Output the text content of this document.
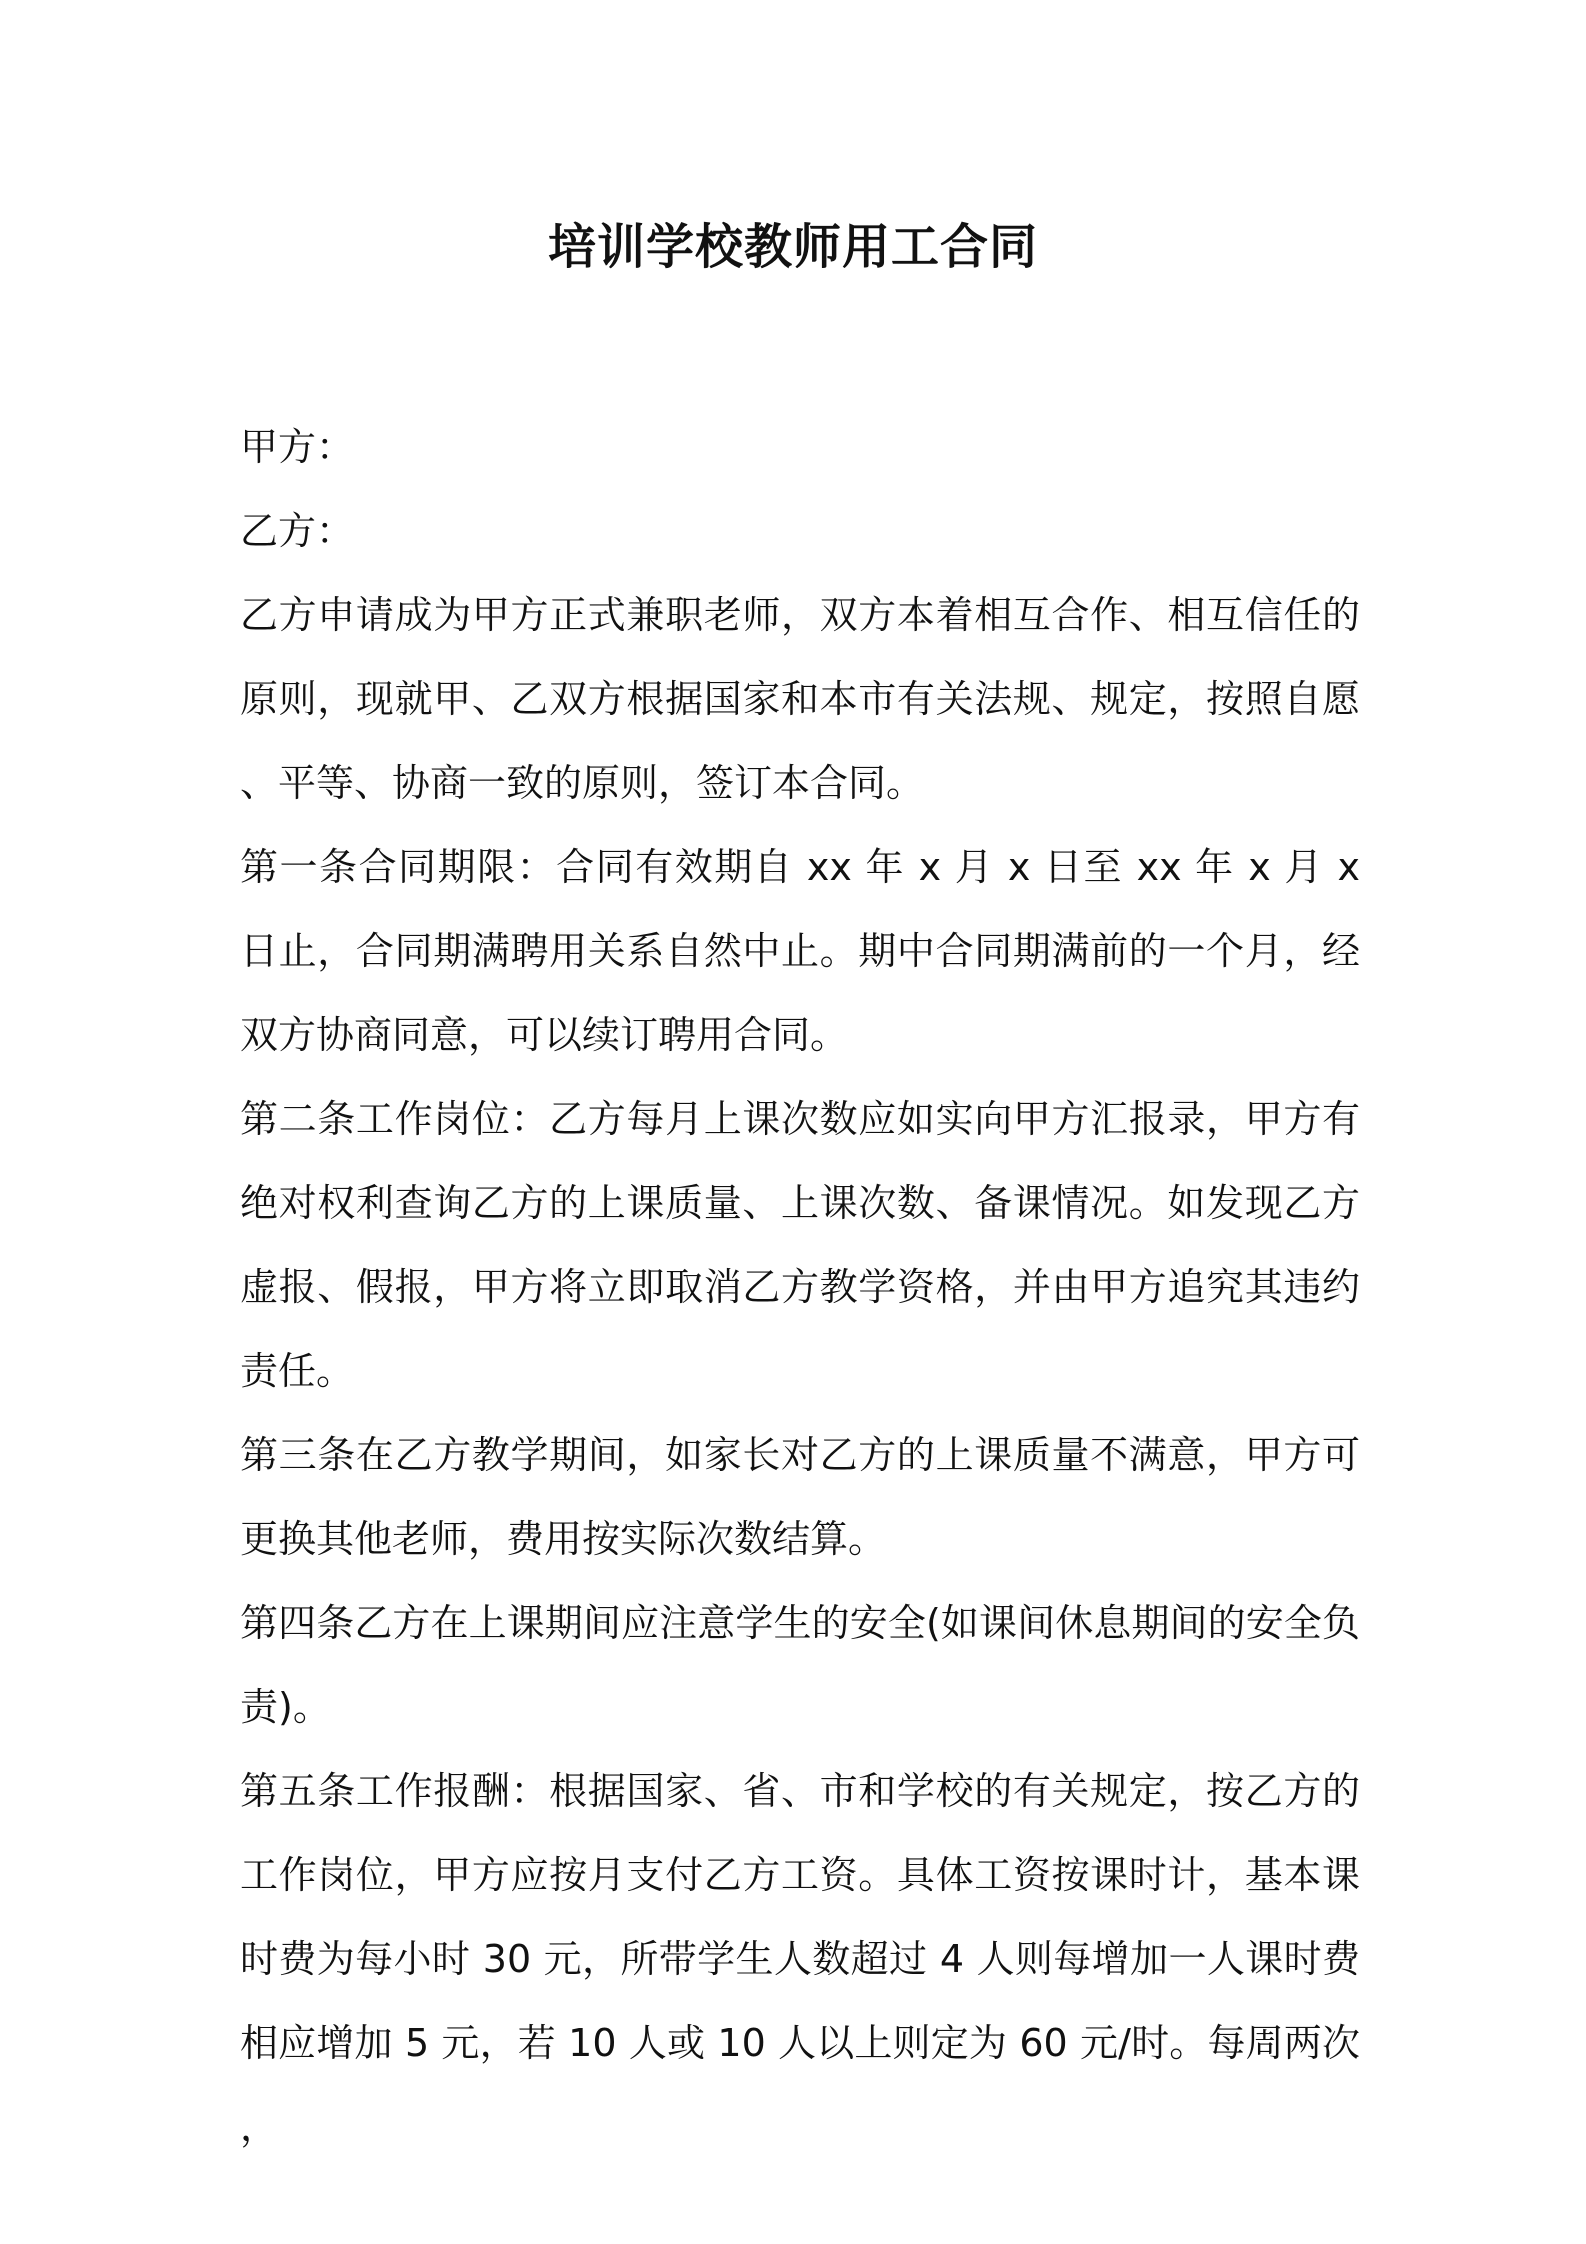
培训学校教师用工合同

甲方：

乙方：

乙方申请成为甲方正式兼职老师，双方本着相互合作、相互信任的原则，现就甲、乙双方根据国家和本市有关法规、规定，按照自愿、平等、协商一致的原则，签订本合同。

第一条合同期限：合同有效期自 xx 年 x 月 x 日至 xx 年 x 月 x 日止，合同期满聘用关系自然中止。期中合同期满前的一个月，经双方协商同意，可以续订聘用合同。

第二条工作岗位：乙方每月上课次数应如实向甲方汇报录，甲方有绝对权利查询乙方的上课质量、上课次数、备课情况。如发现乙方虚报、假报，甲方将立即取消乙方教学资格，并由甲方追究其违约责任。

第三条在乙方教学期间，如家长对乙方的上课质量不满意，甲方可更换其他老师，费用按实际次数结算。

第四条乙方在上课期间应注意学生的安全(如课间休息期间的安全负责)。

第五条工作报酬：根据国家、省、市和学校的有关规定，按乙方的工作岗位，甲方应按月支付乙方工资。具体工资按课时计，基本课时费为每小时 30 元，所带学生人数超过 4 人则每增加一人课时费相应增加 5 元，若 10 人或 10 人以上则定为 60 元/时。每周两次，
